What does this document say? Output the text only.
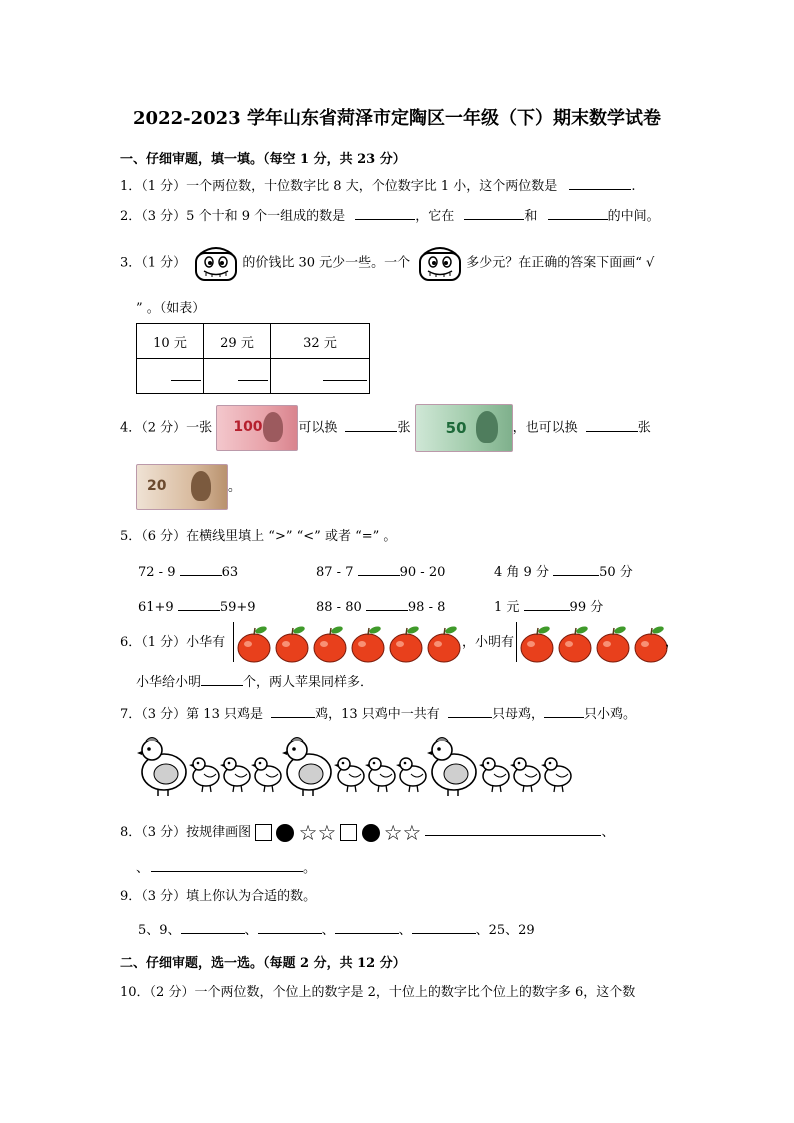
2022-2023 学年山东省菏泽市定陶区一年级（下）期末数学试卷
一、仔细审题，填一填。（每空 1 分，共 23 分）
1．（1 分）一个两位数，十位数字比 8 大，个位数字比 1 小，这个两位数是	.
2．（3 分）5 个十和 9 个一组成的数是	，它在	和	的中间。
3．（1 分）	的价钱比 30 元少一些。一个	多少元？在正确的答案下面画“ √
” 。（如表）
10 元	29 元	32 元

4．（2 分）一张 100	可以换	张 50	，也可以换	张
20	。
5．（6 分）在横线里填上 “>” “<” 或者 “=” 。
72 - 9	63	87 - 7	90 - 20	4 角 9 分	50 分
61+9	59+9	88 - 80	98 - 8	1 元	99 分
6．（1 分）小华有	，小明有	，
小华给小明	个，两人苹果同样多．
7．（3 分）第 13 只鸡是	鸡，13 只鸡中一共有	只母鸡，	只小鸡。
8．（3 分）按规律画图 ☆☆ ☆☆	、
、	。
9．（3 分）填上你认为合适的数。
5、9、	、	、	、	、25、29
二、仔细审题，选一选。（每题 2 分，共 12 分）
10．（2 分）一个两位数，个位上的数字是 2，十位上的数字比个位上的数字多 6，这个数
